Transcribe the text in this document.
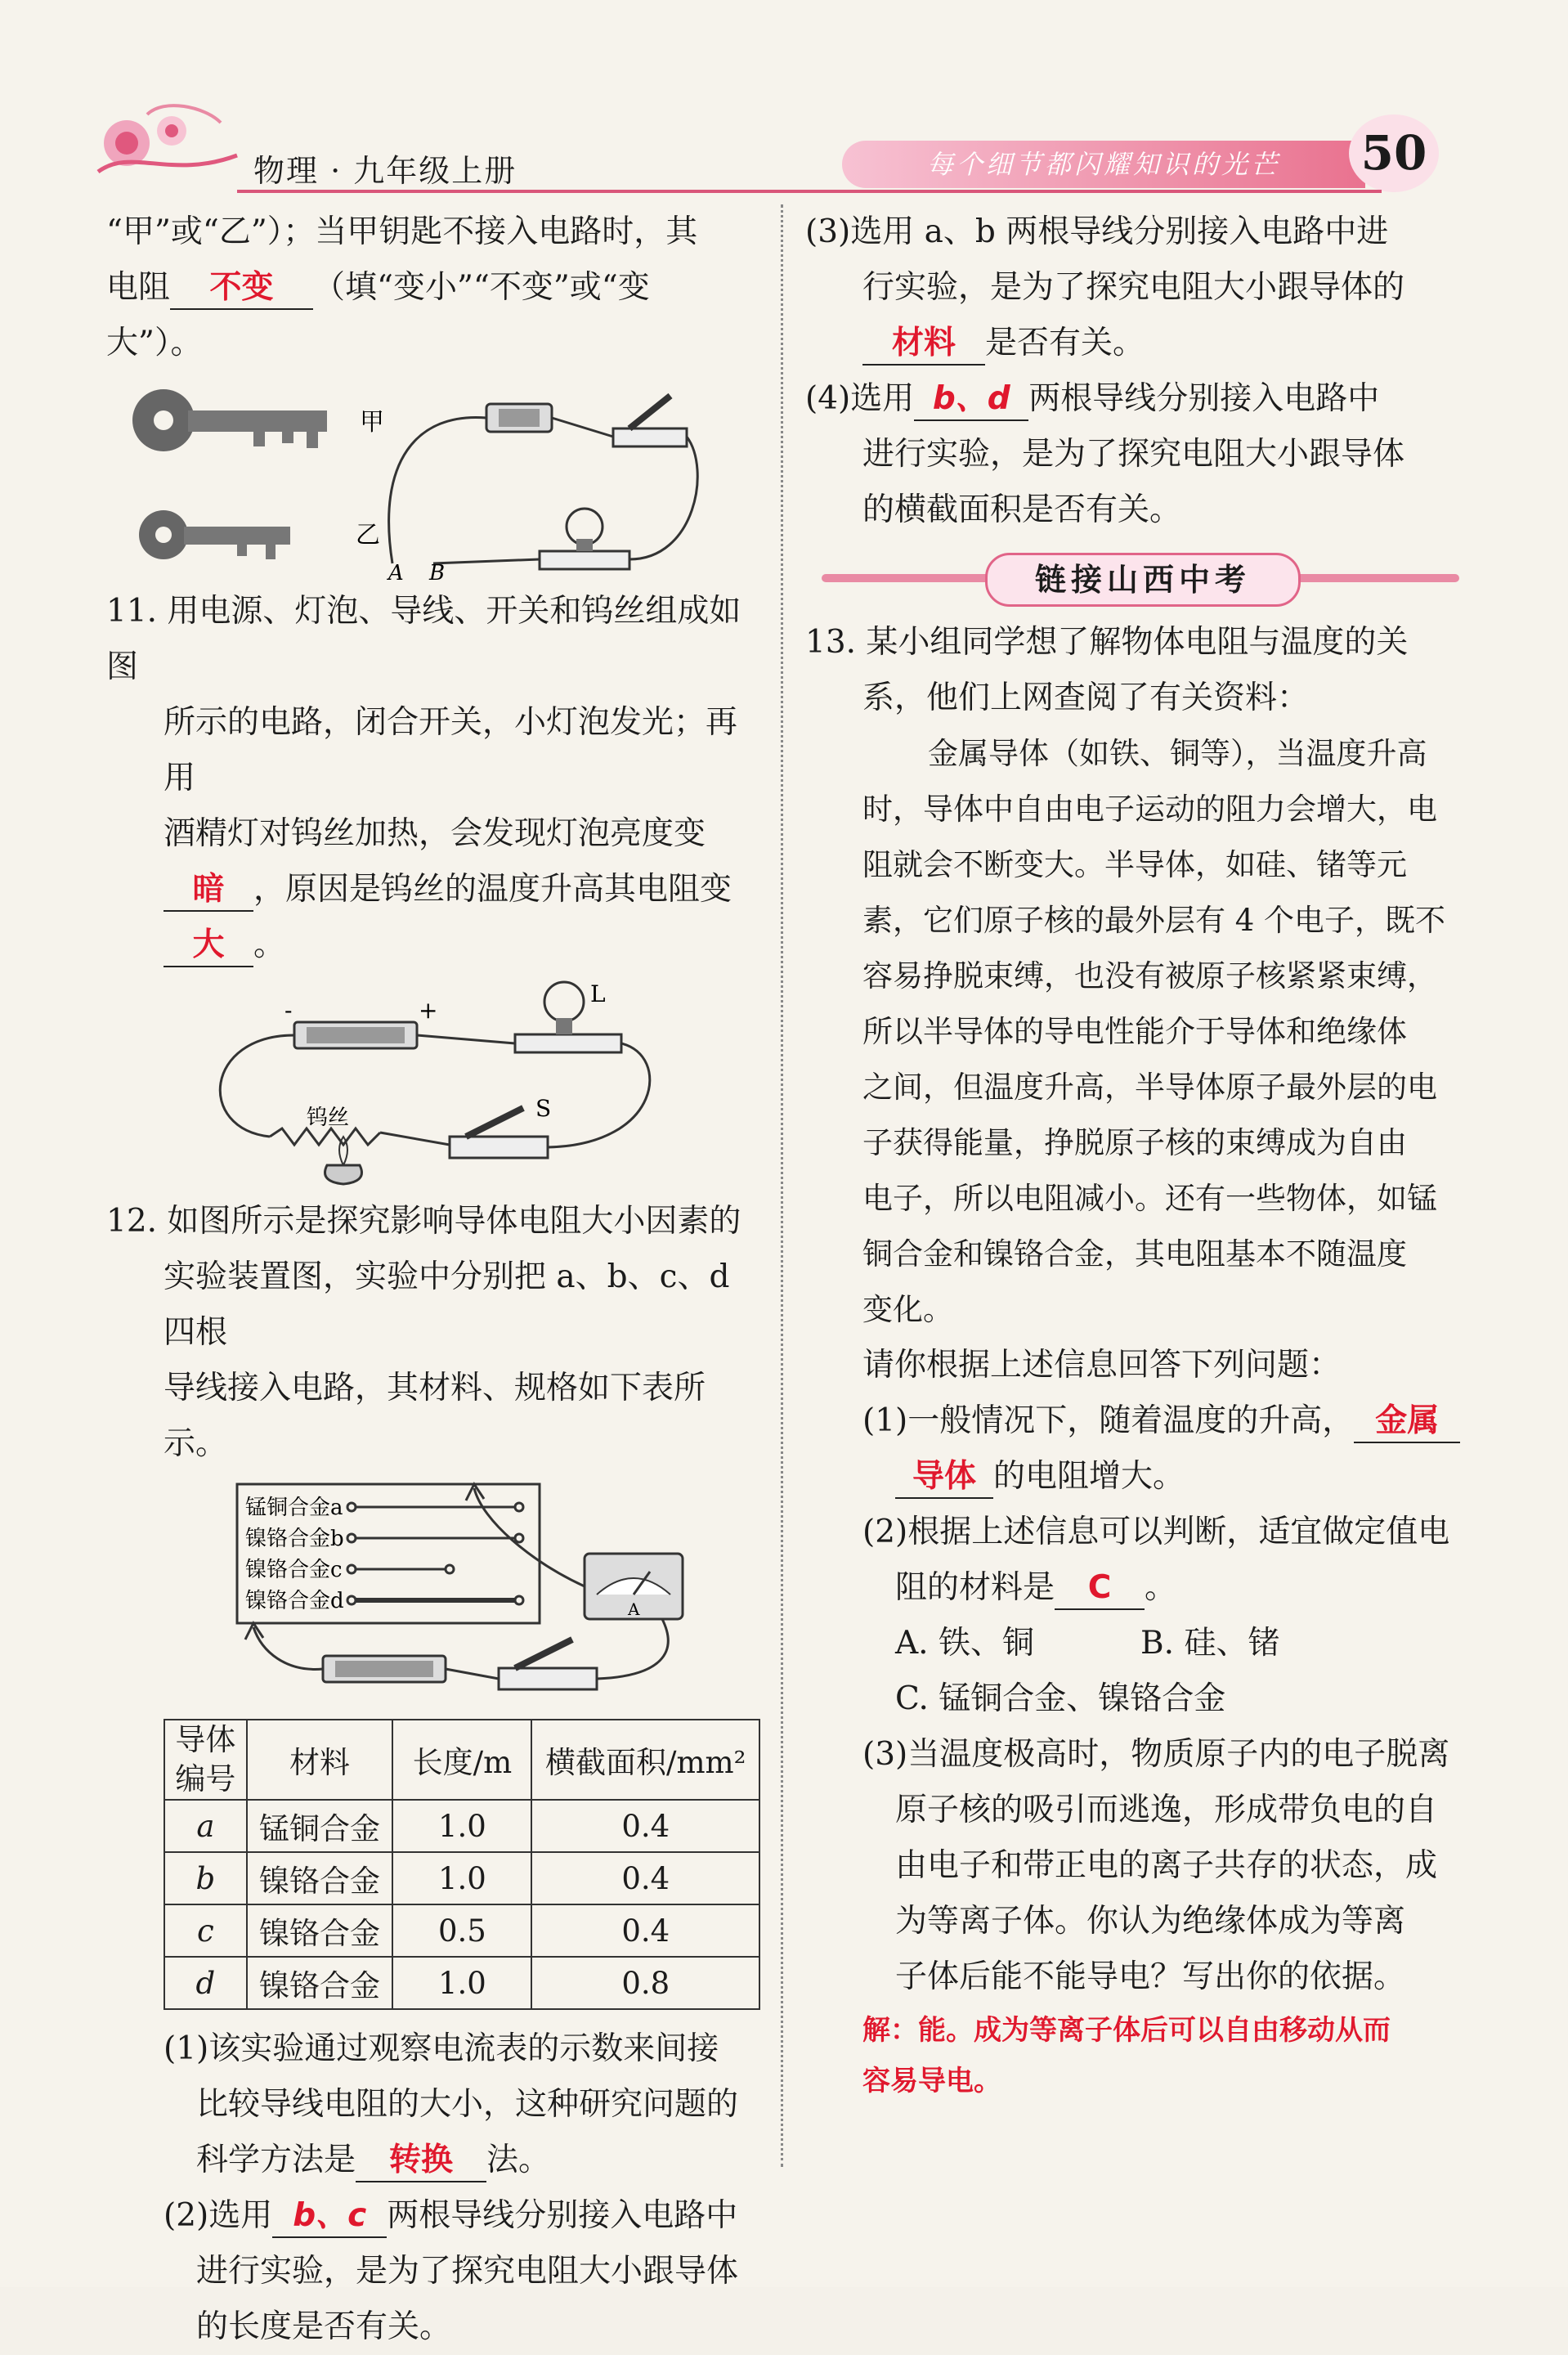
物理 · 九年级上册	每个细节都闪耀知识的光芒	50

“甲”或“乙”）；当甲钥匙不接入电路时，其

电阻 不变 （填“变小”“不变”或“变

大”）。

甲
乙
A B

11. 用电源、灯泡、导线、开关和钨丝组成如图

所示的电路，闭合开关，小灯泡发光；再用

酒精灯对钨丝加热，会发现灯泡亮度变

暗 ，原因是钨丝的温度升高其电阻变

大 。

-	+
L
S
钨丝

12. 如图所示是探究影响导体电阻大小因素的

实验装置图，实验中分别把 a、b、c、d 四根

导线接入电路，其材料、规格如下表所示。

锰铜合金a
镍铬合金b
镍铬合金c
镍铬合金d	A
导体编号	材料	长度/m	横截面积/mm²
a	锰铜合金	1.0	0.4
b	镍铬合金	1.0	0.4
c	镍铬合金	0.5	0.4
d	镍铬合金	1.0	0.8

(1)该实验通过观察电流表的示数来间接

比较导线电阻的大小，这种研究问题的

科学方法是 转换 法。

(2)选用 b、c 两根导线分别接入电路中

进行实验，是为了探究电阻大小跟导体

的长度是否有关。

(3)选用 a、b 两根导线分别接入电路中进

行实验，是为了探究电阻大小跟导体的

材料 是否有关。

(4)选用 b、d 两根导线分别接入电路中

进行实验，是为了探究电阻大小跟导体

的横截面积是否有关。

链接山西中考

13. 某小组同学想了解物体电阻与温度的关

系，他们上网查阅了有关资料：

金属导体（如铁、铜等），当温度升高

时，导体中自由电子运动的阻力会增大，电

阻就会不断变大。半导体，如硅、锗等元

素，它们原子核的最外层有 4 个电子，既不

容易挣脱束缚，也没有被原子核紧紧束缚，

所以半导体的导电性能介于导体和绝缘体

之间，但温度升高，半导体原子最外层的电

子获得能量，挣脱原子核的束缚成为自由

电子，所以电阻减小。还有一些物体，如锰

铜合金和镍铬合金，其电阻基本不随温度

变化。

请你根据上述信息回答下列问题：

(1)一般情况下，随着温度的升高， 金属

导体 的电阻增大。

(2)根据上述信息可以判断，适宜做定值电

阻的材料是 C 。

A. 铁、铜	B. 硅、锗

C. 锰铜合金、镍铬合金

(3)当温度极高时，物质原子内的电子脱离

原子核的吸引而逃逸，形成带负电的自

由电子和带正电的离子共存的状态，成

为等离子体。你认为绝缘体成为等离

子体后能不能导电？写出你的依据。

解：能。成为等离子体后可以自由移动从而

容易导电。
